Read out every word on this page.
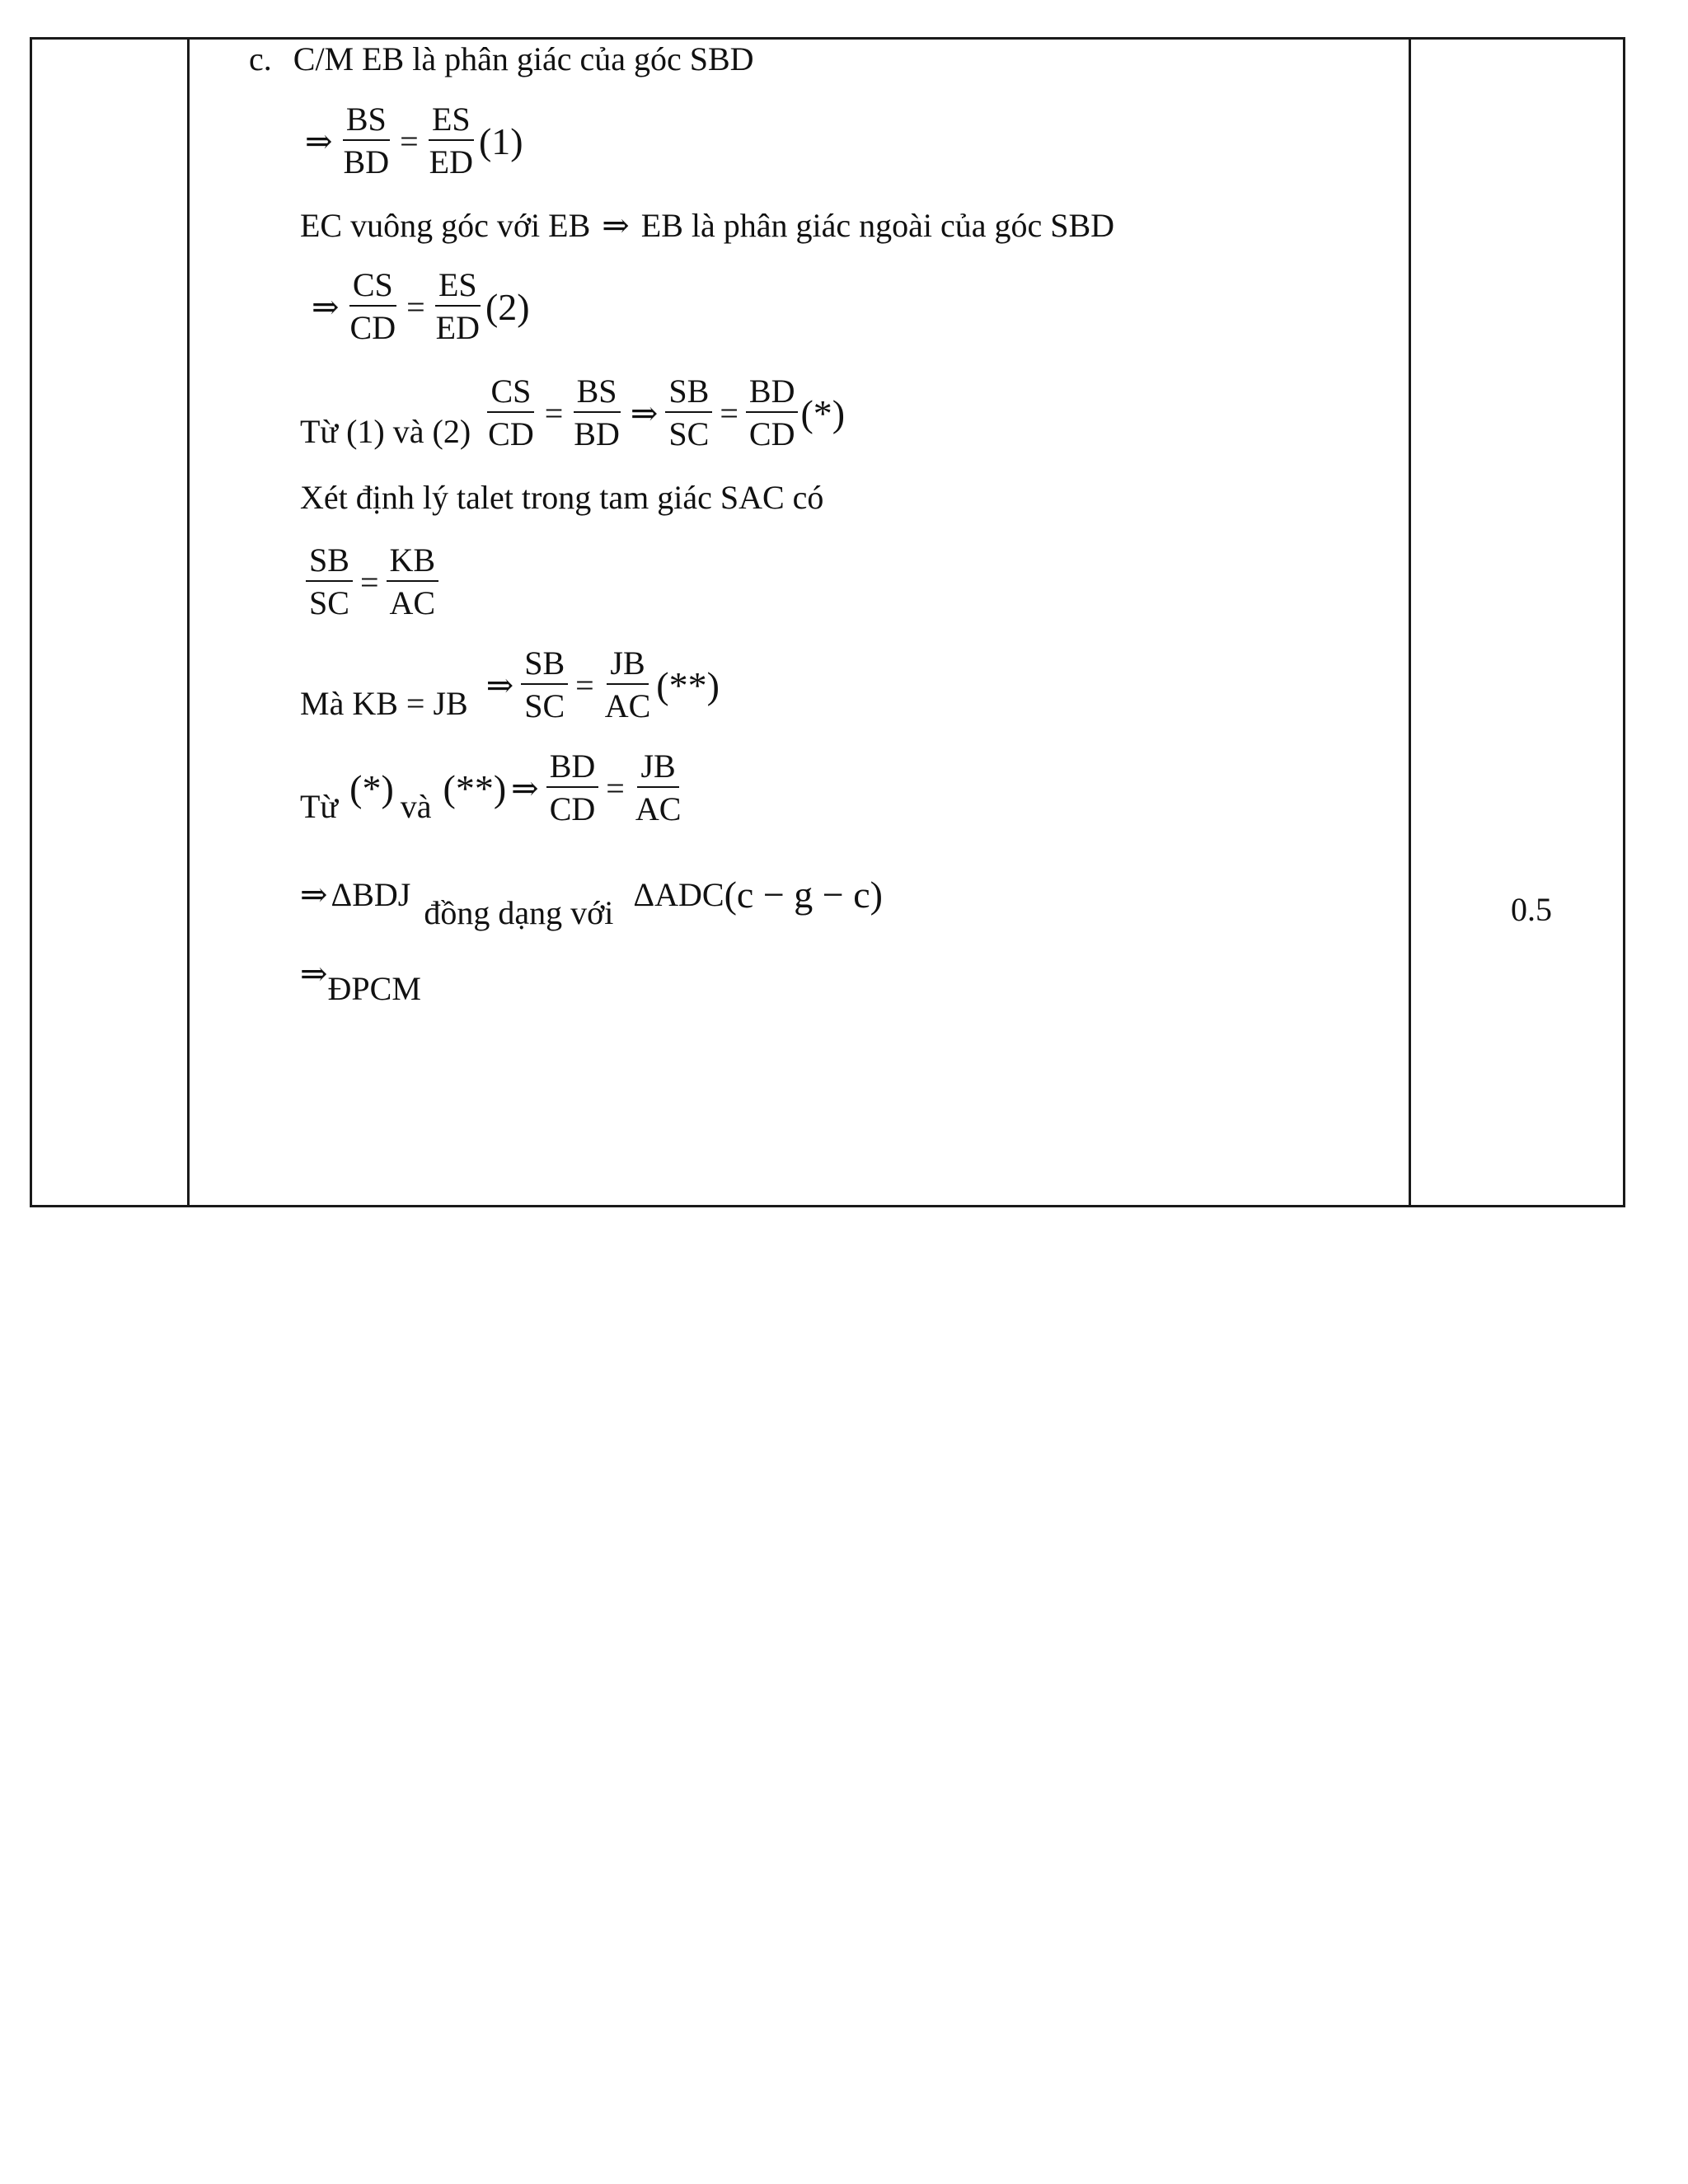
c. C/M EB là phân giác của góc SBD
⇒ $\frac{BS}{BD} = \frac{ES}{ED} (1)$
EC vuông góc với EB ⇒ EB là phân giác ngoài của góc SBD
⇒ $\frac{CS}{CD} = \frac{ES}{ED} (2)$
Từ (1) và $(2) \frac{CS}{CD} = \frac{BS}{BD}$ ⇒ $\frac{SB}{SC} = \frac{BD}{CD}$ (*)
Xét định lý talet trong tam giác SAC có
$\frac{SB}{SC} = \frac{KB}{AC}$
Mà KB = JB ⇒ $\frac{SB}{SC} = \frac{JB}{AC}$ (**)
Từ (*) và (**) ⇒ $\frac{BD}{CD} = \frac{JB}{AC}$
⇒ ΔBDJ đồng dạng với ΔADC (c − g − c)
⇒ ĐPCM
0.5
